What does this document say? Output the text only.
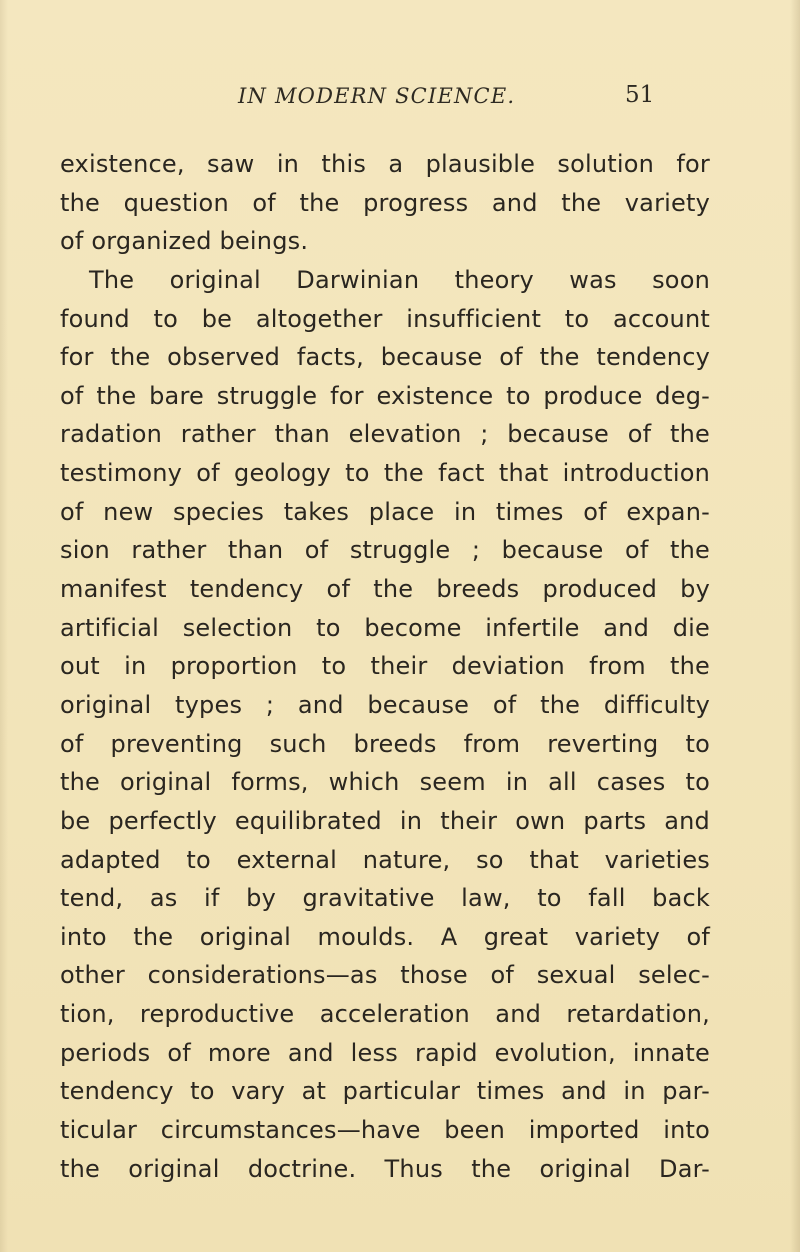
IN MODERN SCIENCE.	51
existence, saw in this a plausible solution for
the question of the progress and the variety
of organized beings.
The original Darwinian theory was soon
found to be altogether insufficient to account
for the observed facts, because of the tendency
of the bare struggle for existence to produce deg-
radation rather than elevation ; because of the
testimony of geology to the fact that introduction
of new species takes place in times of expan-
sion rather than of struggle ; because of the
manifest tendency of the breeds produced by
artificial selection to become infertile and die
out in proportion to their deviation from the
original types ; and because of the difficulty
of preventing such breeds from reverting to
the original forms, which seem in all cases to
be perfectly equilibrated in their own parts and
adapted to external nature, so that varieties
tend, as if by gravitative law, to fall back
into the original moulds. A great variety of
other considerations—as those of sexual selec-
tion, reproductive acceleration and retardation,
periods of more and less rapid evolution, innate
tendency to vary at particular times and in par-
ticular circumstances—have been imported into
the original doctrine. Thus the original Dar-
